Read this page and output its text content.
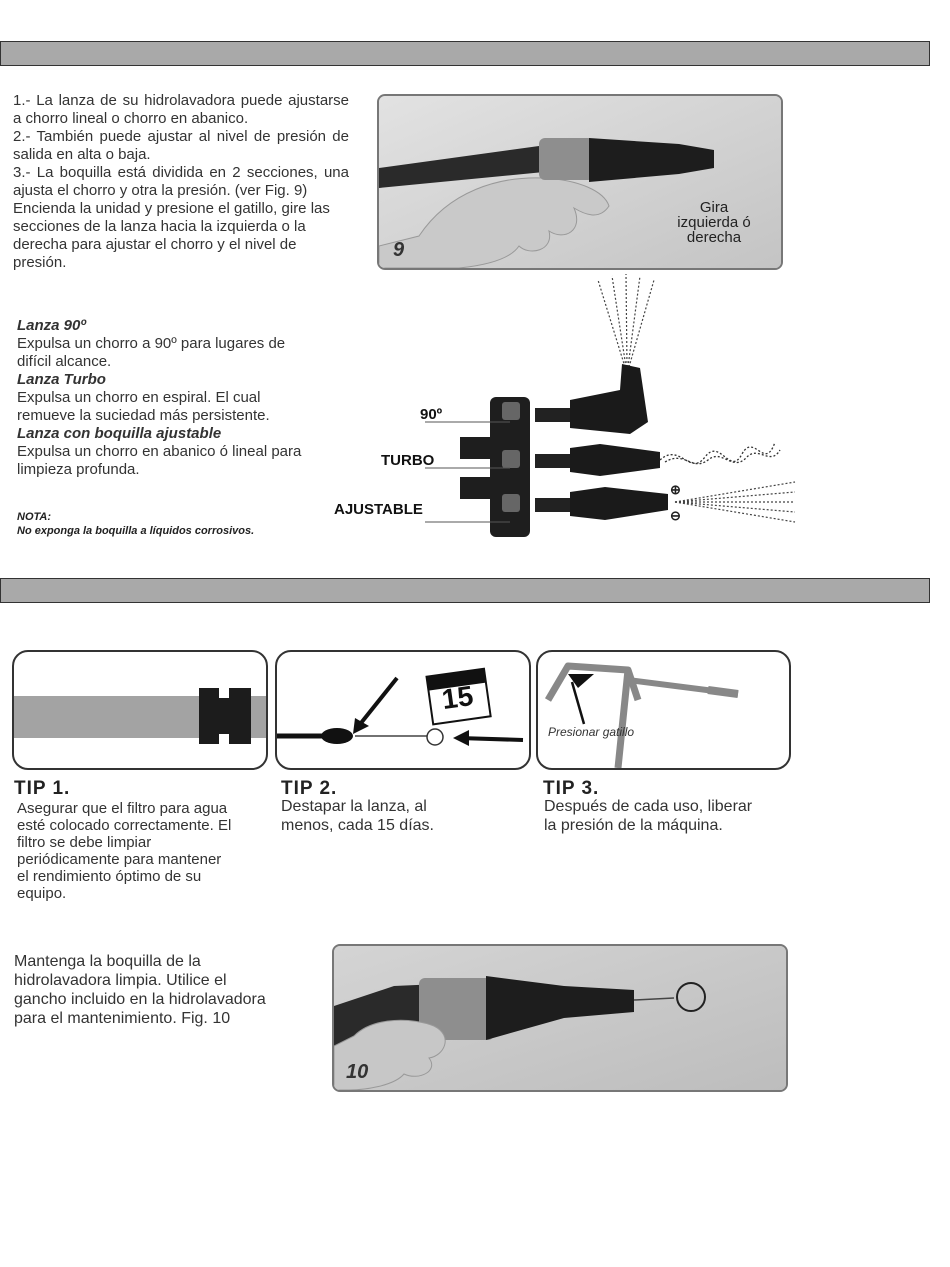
1.- La lanza de su hidrolavadora puede ajustarse a chorro lineal o chorro en abanico.

2.- También puede ajustar al nivel de presión de salida en alta o baja.

3.- La boquilla está dividida en 2 secciones, una ajusta el chorro y otra la presión. (ver Fig. 9)

Encienda la unidad y presione el gatillo, gire las secciones de la lanza hacia la izquierda o la derecha para ajustar el chorro y el nivel de presión.

Lanza 90º
Expulsa un chorro a 90º para lugares de difícil alcance.
Lanza Turbo
Expulsa un chorro en espiral. El cual remueve la suciedad más persistente.
Lanza con boquilla ajustable
Expulsa un chorro en abanico ó lineal para limpieza profunda.
NOTA:
No exponga la boquilla a líquidos corrosivos.
9
Gira izquierda ó derecha
90º
TURBO
AJUSTABLE
⊕
⊖
TIP 1.

Asegurar que el filtro para agua esté colocado correctamente. El filtro se debe limpiar periódicamente para mantener el rendimiento óptimo de su equipo.

15
TIP 2.

Destapar la lanza, al menos, cada 15 días.

Presionar gatillo
TIP 3.

Después de cada uso, liberar la presión de la máquina.

Mantenga la boquilla de la hidrolavadora limpia. Utilice el gancho incluido en la hidrolavadora para el mantenimiento. Fig. 10

10
